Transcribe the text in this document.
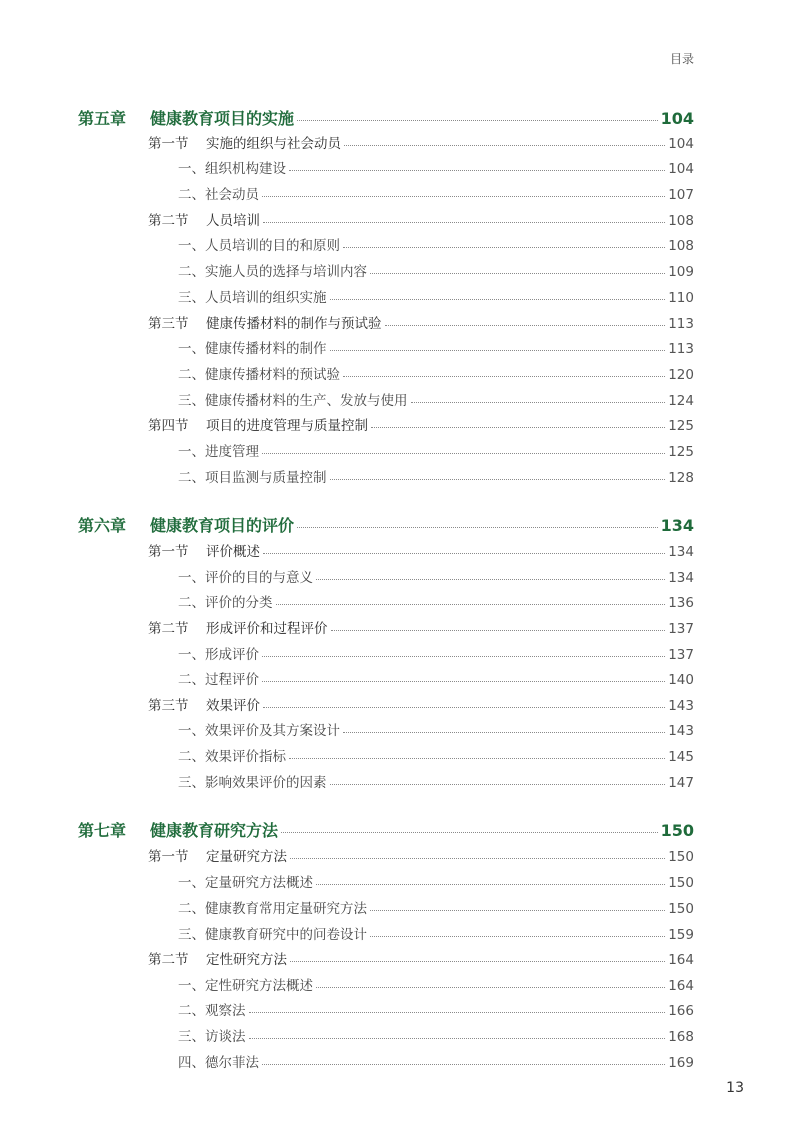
目录
第五章 健康教育项目的实施	104
第一节 实施的组织与社会动员	104
一、组织机构建设	104
二、社会动员	107
第二节 人员培训	108
一、人员培训的目的和原则	108
二、实施人员的选择与培训内容	109
三、人员培训的组织实施	110
第三节 健康传播材料的制作与预试验	113
一、健康传播材料的制作	113
二、健康传播材料的预试验	120
三、健康传播材料的生产、发放与使用	124
第四节 项目的进度管理与质量控制	125
一、进度管理	125
二、项目监测与质量控制	128
第六章 健康教育项目的评价	134
第一节 评价概述	134
一、评价的目的与意义	134
二、评价的分类	136
第二节 形成评价和过程评价	137
一、形成评价	137
二、过程评价	140
第三节 效果评价	143
一、效果评价及其方案设计	143
二、效果评价指标	145
三、影响效果评价的因素	147
第七章 健康教育研究方法	150
第一节 定量研究方法	150
一、定量研究方法概述	150
二、健康教育常用定量研究方法	150
三、健康教育研究中的问卷设计	159
第二节 定性研究方法	164
一、定性研究方法概述	164
二、观察法	166
三、访谈法	168
四、德尔菲法	169
13
